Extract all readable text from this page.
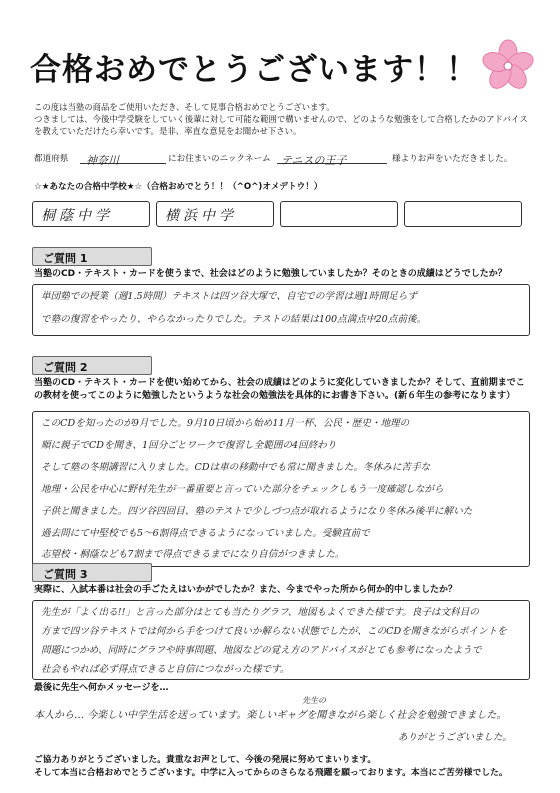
合格おめでとうございます！！
この度は当塾の商品をご使用いただき、そして見事合格おめでとうございます。
つきましては、今後中学受験をしていく後輩に対して可能な範囲で構いませんので、どのような勉強をして合格したかのアドバイスを教えていただけたら幸いです。是非、率直な意見をお聞かせ下さい。
都道府県	神奈川	にお住まいのニックネーム テニスの王子	様よりお声をいただきました。
☆★あなたの合格中学校★☆（合格おめでとう！！（^O^)オメデトウ！）
桐蔭中学	横浜中学
ご質問 1
当塾のCD・テキスト・カードを使うまで、社会はどのように勉強していましたか？そのときの成績はどうでしたか？
単団塾での授業（週1.5時間）テキストは四ツ谷大塚で、自宅での学習は週1時間足らず
で塾の復習をやったり、やらなかったりでした。テストの結果は100点満点中20点前後。
ご質問 2
当塾のCD・テキスト・カードを使い始めてから、社会の成績はどのように変化していきましたか？そして、直前期までこの教材を使ってこのように勉強したというような社会の勉強法を具体的にお書き下さい。(新６年生の参考になります）
このCDを知ったのが9月でした。9月10日頃から始め11月一杯、公民・歴史・地理の
順に親子でCDを聞き、1回分ごとワークで復習し全範囲の4回終わり
そして塾の冬期講習に入りました。CDは車の移動中でも常に聞きました。冬休みに苦手な
地理・公民を中心に野村先生が一番重要と言っていた部分をチェックしもう一度確認しながら
子供と聞きました。四ツ谷四回目、塾のテストで少しづつ点が取れるようになり冬休み後半に解いた
過去問にて中堅校でも5～6割得点できるようになっていました。受験直前で
志望校・桐蔭なども7割まで得点できるまでになり自信がつきました。
ご質問 3
実際に、入試本番は社会の手ごたえはいかがでしたか？また、今までやった所から何か的中しましたか？
先生が「よく出る!!」と言った部分はとても当たりグラフ、地図もよくできた様です。良子は文科目の
方まで四ツ谷テキストでは何から手をつけて良いか解らない状態でしたが、このCDを聞きながらポイントを
問題につかめ、同時にグラフや時事問題、地図などの覚え方のアドバイスがとても参考になったようで
社会もやれば必ず得点できると自信につながった様です。
最後に先生へ何かメッセージを…
先生の
本人から… 今楽しい中学生活を送っています。楽しいギャグを聞きながら楽しく社会を勉強できました。
ありがとうございました。
ご協力ありがとうございました。貴重なお声として、今後の発展に努めてまいります。
そして本当に合格おめでとうございます。中学に入ってからのさらなる飛躍を願っております。本当にご苦労様でした。
